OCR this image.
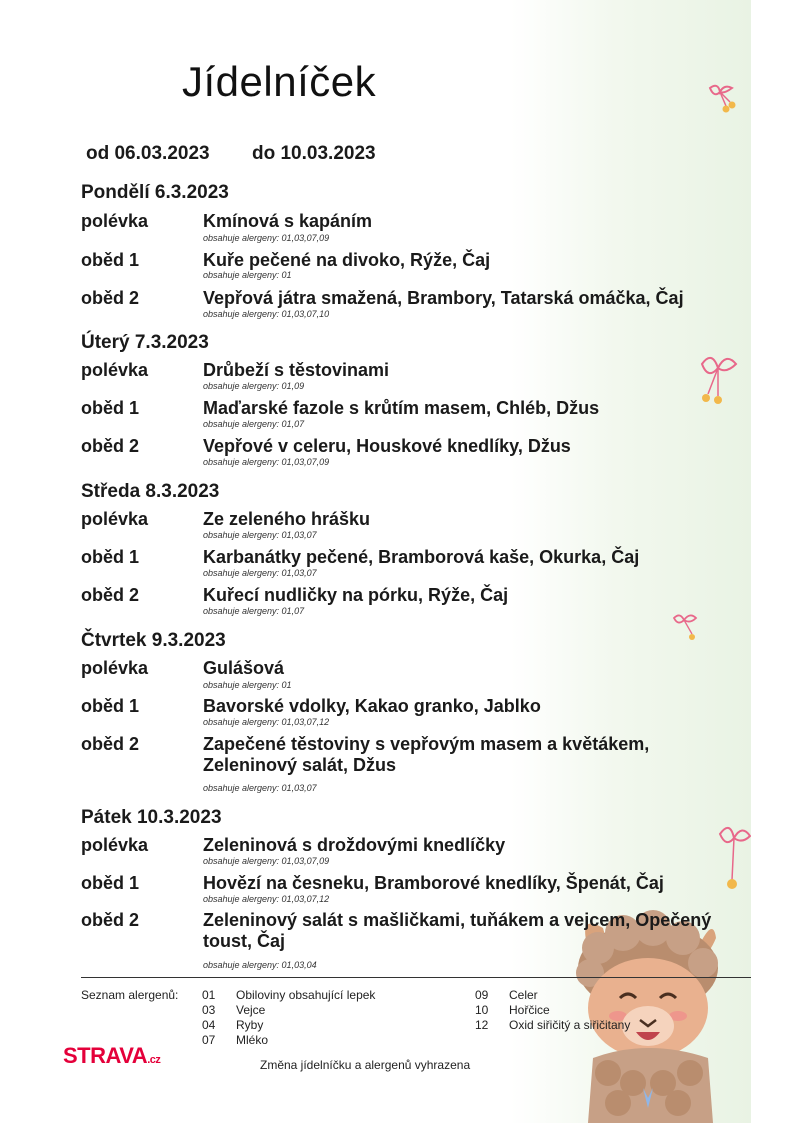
Jídelníček
od 06.03.2023 do 10.03.2023
Pondělí 6.3.2023
polévka	Kmínová s kapáním
obsahuje alergeny: 01,03,07,09
oběd 1	Kuře pečené na divoko, Rýže, Čaj
obsahuje alergeny: 01
oběd 2	Vepřová játra smažená, Brambory, Tatarská omáčka, Čaj
obsahuje alergeny: 01,03,07,10
Úterý 7.3.2023
polévka	Drůbeží s těstovinami
obsahuje alergeny: 01,09
oběd 1	Maďarské fazole s krůtím masem, Chléb, Džus
obsahuje alergeny: 01,07
oběd 2	Vepřové v celeru, Houskové knedlíky, Džus
obsahuje alergeny: 01,03,07,09
Středa 8.3.2023
polévka	Ze zeleného hrášku
obsahuje alergeny: 01,03,07
oběd 1	Karbanátky pečené, Bramborová kaše, Okurka, Čaj
obsahuje alergeny: 01,03,07
oběd 2	Kuřecí nudličky na pórku, Rýže, Čaj
obsahuje alergeny: 01,07
Čtvrtek 9.3.2023
polévka	Gulášová
obsahuje alergeny: 01
oběd 1	Bavorské vdolky, Kakao granko, Jablko
obsahuje alergeny: 01,03,07,12
oběd 2	Zapečené těstoviny s vepřovým masem a květákem,
Zeleninový salát, Džus
obsahuje alergeny: 01,03,07
Pátek 10.3.2023
polévka	Zeleninová s droždovými knedlíčky
obsahuje alergeny: 01,03,07,09
oběd 1	Hovězí na česneku, Bramborové knedlíky, Špenát, Čaj
obsahuje alergeny: 01,03,07,12
oběd 2	Zeleninový salát s mašličkami, tuňákem a vejcem, Opečený
toust, Čaj
obsahuje alergeny: 01,03,04
Seznam alergenů: 01 Obiloviny obsahující lepek
03 Vejce
04 Ryby
07 Mléko
09 Celer
10 Hořčice
12 Oxid siřičitý a siřičitany
STRAVA.cz	Změna jídelníčku a alergenů vyhrazena
